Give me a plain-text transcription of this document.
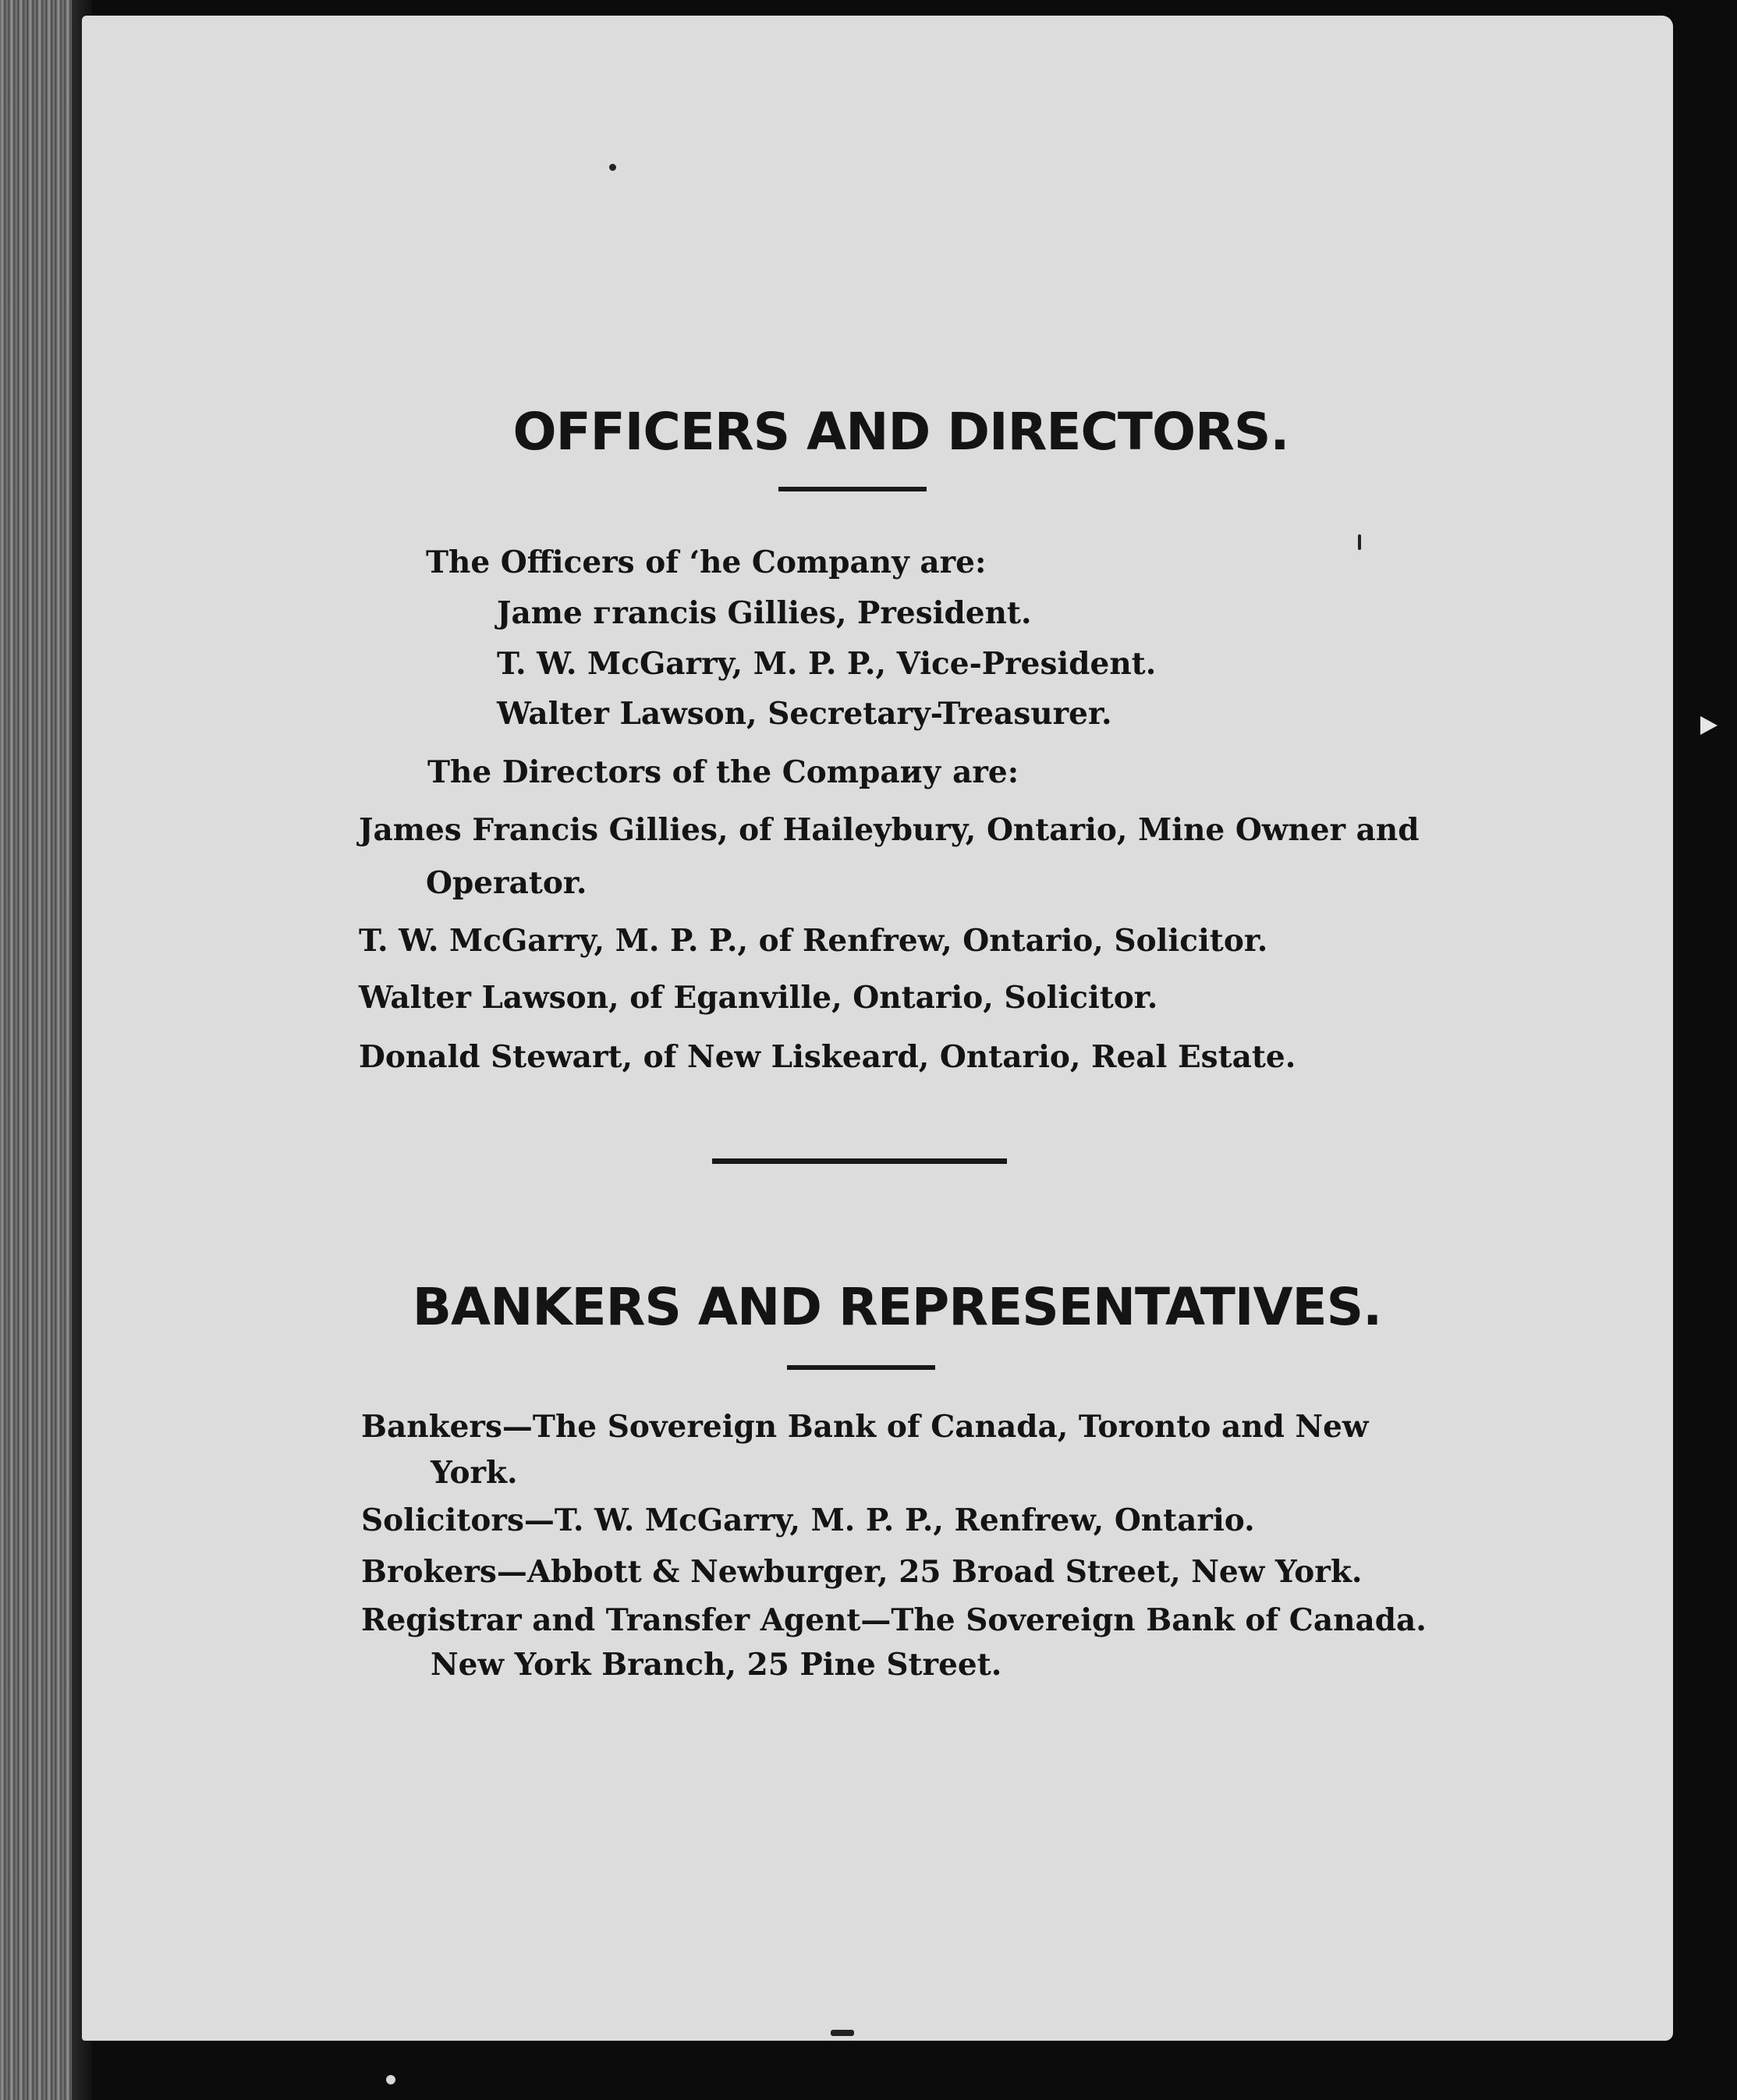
OFFICERS AND DIRECTORS.
The Officers of ‘he Company are:
Jame гrancis Gillies, President.
T. W. McGarry, M. P. P., Vice-President.
Walter Lawson, Secretary-Treasurer.
The Directors of the Compaиу are:
James Francis Gillies, of Haileybury, Ontario, Mine Owner and
Operator.
T. W. McGarry, M. P. P., of Renfrew, Ontario, Solicitor.
Walter Lawson, of Eganville, Ontario, Solicitor.
Donald Stewart, of New Liskeard, Ontario, Real Estate.
BANKERS AND REPRESENTATIVES.
Bankers—The Sovereign Bank of Canada, Toronto and New
York.
Solicitors—T. W. McGarry, M. P. P., Renfrew, Ontario.
Brokers—Abbott & Newburger, 25 Broad Street, New York.
Registrar and Transfer Agent—The Sovereign Bank of Canada.
New York Branch, 25 Pine Street.
